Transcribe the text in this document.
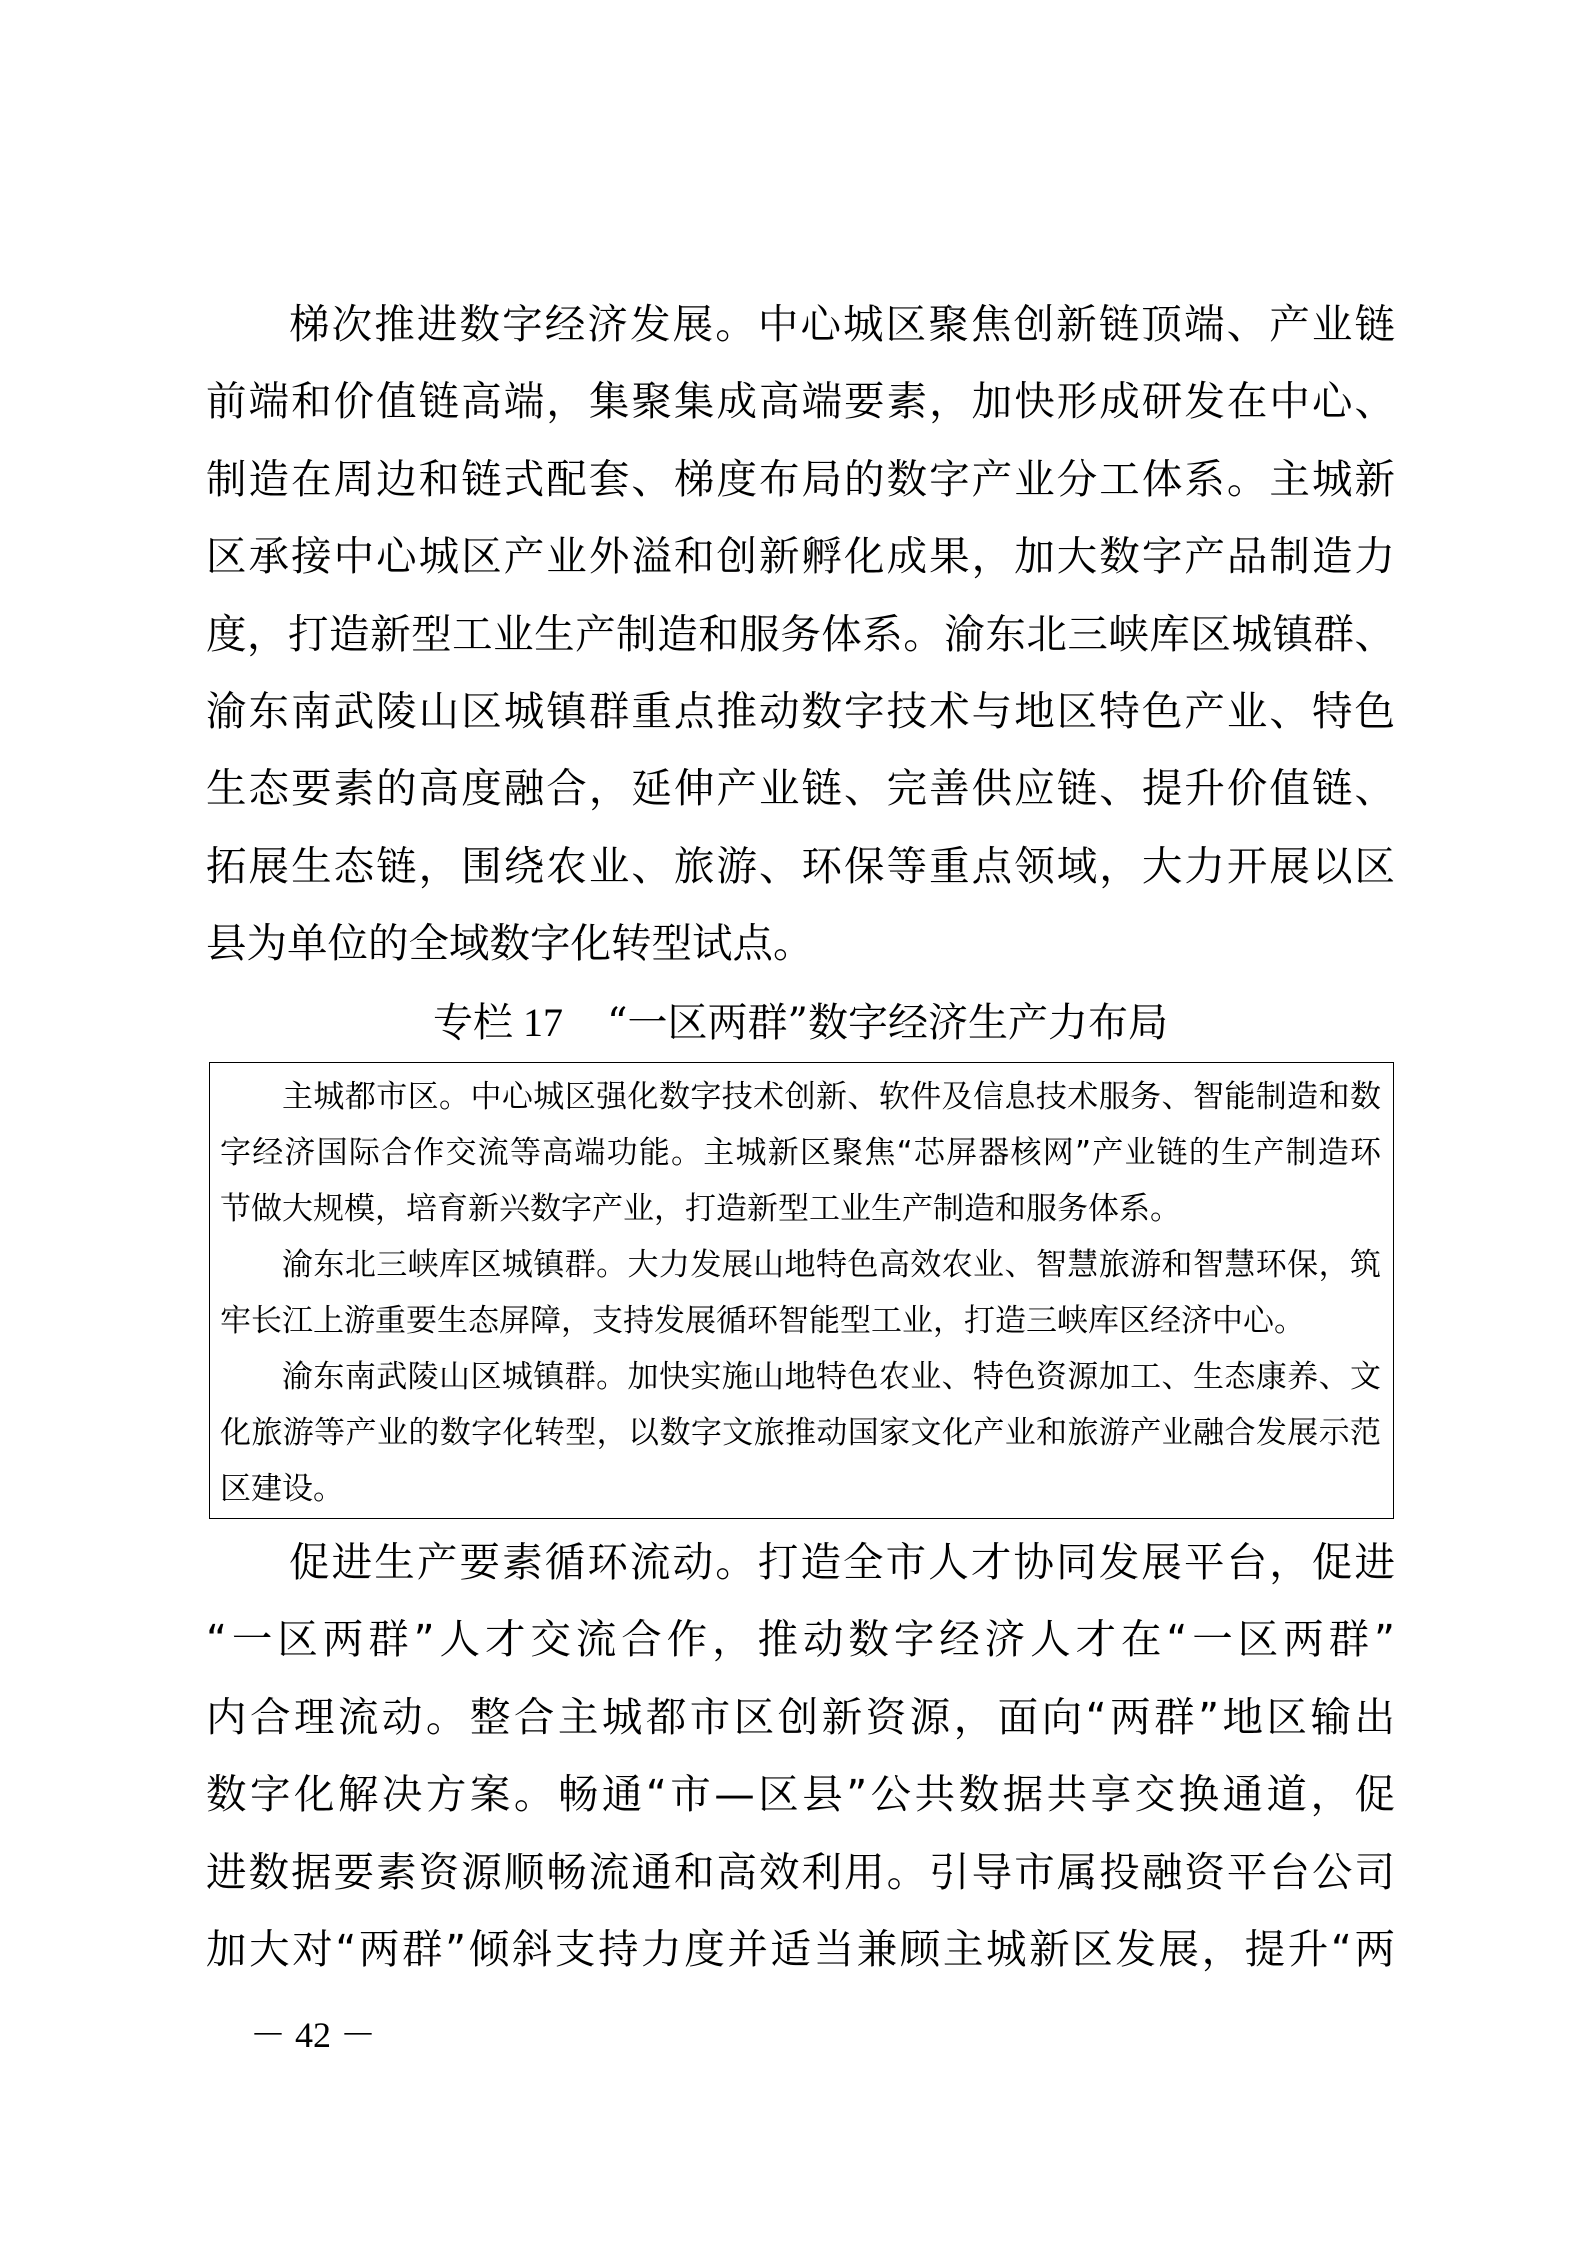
梯次推进数字经济发展。中心城区聚焦创新链顶端、产业链
前端和价值链高端，集聚集成高端要素，加快形成研发在中心、
制造在周边和链式配套、梯度布局的数字产业分工体系。主城新
区承接中心城区产业外溢和创新孵化成果，加大数字产品制造力
度，打造新型工业生产制造和服务体系。渝东北三峡库区城镇群、
渝东南武陵山区城镇群重点推动数字技术与地区特色产业、特色
生态要素的高度融合，延伸产业链、完善供应链、提升价值链、
拓展生态链，围绕农业、旅游、环保等重点领域，大力开展以区
县为单位的全域数字化转型试点。
专栏 17 “一区两群”数字经济生产力布局
主城都市区。中心城区强化数字技术创新、软件及信息技术服务、智能制造和数
字经济国际合作交流等高端功能。主城新区聚焦“芯屏器核网”产业链的生产制造环
节做大规模，培育新兴数字产业，打造新型工业生产制造和服务体系。
渝东北三峡库区城镇群。大力发展山地特色高效农业、智慧旅游和智慧环保，筑
牢长江上游重要生态屏障，支持发展循环智能型工业，打造三峡库区经济中心。
渝东南武陵山区城镇群。加快实施山地特色农业、特色资源加工、生态康养、文
化旅游等产业的数字化转型，以数字文旅推动国家文化产业和旅游产业融合发展示范
区建设。
促进生产要素循环流动。打造全市人才协同发展平台，促进
“一区两群”人才交流合作，推动数字经济人才在“一区两群”
内合理流动。整合主城都市区创新资源，面向“两群”地区输出
数字化解决方案。畅通“市—区县”公共数据共享交换通道，促
进数据要素资源顺畅流通和高效利用。引导市属投融资平台公司
加大对“两群”倾斜支持力度并适当兼顾主城新区发展，提升“两
－ 42 －
